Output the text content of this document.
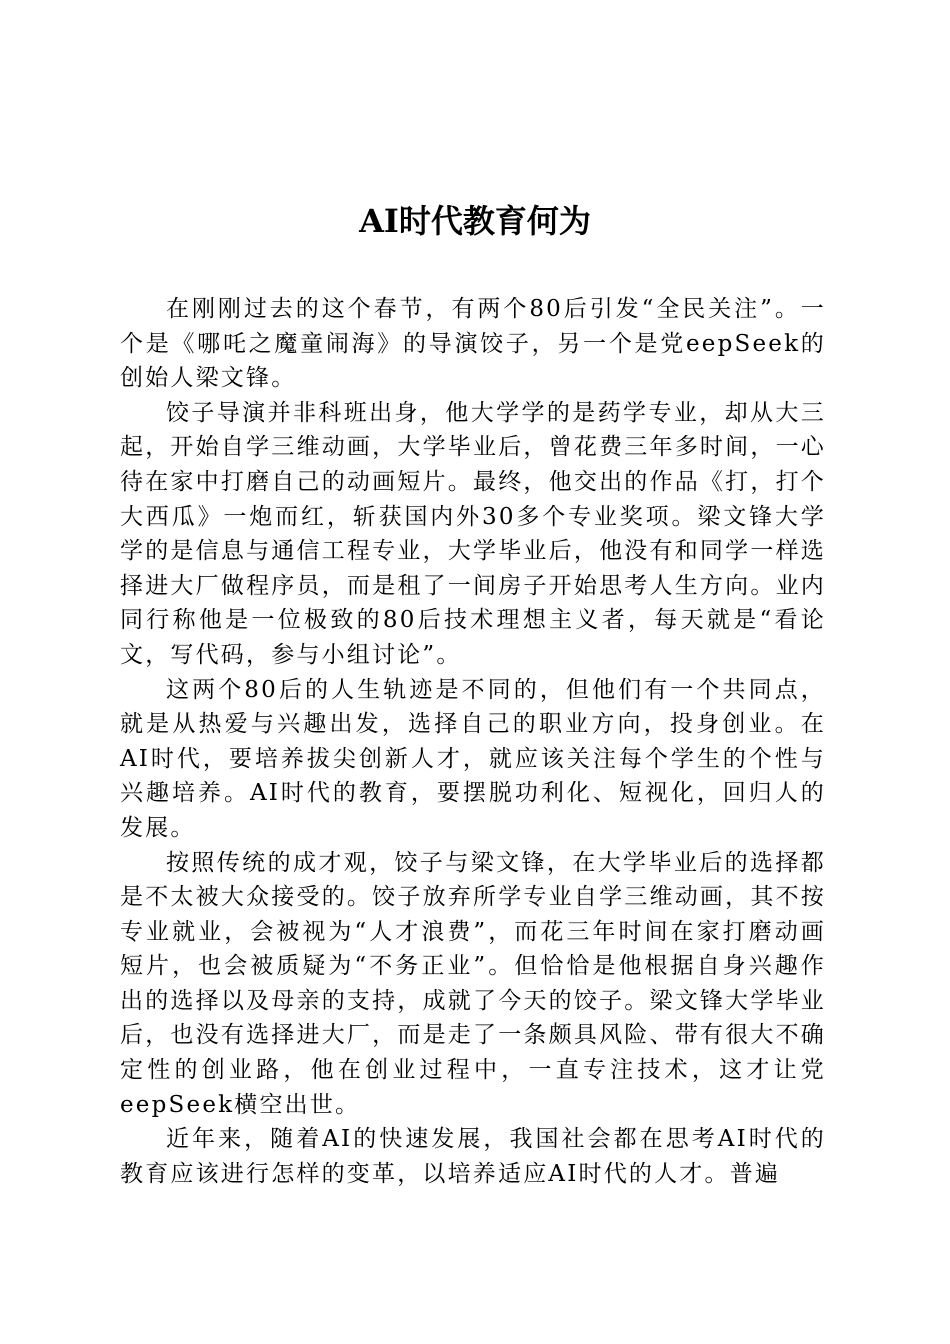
AI时代教育何为

在刚刚过去的这个春节，有两个80后引发“全民关注”。一个是《哪吒之魔童闹海》的导演饺子，另一个是党eepSeek的创始人梁文锋。

饺子导演并非科班出身，他大学学的是药学专业，却从大三起，开始自学三维动画，大学毕业后，曾花费三年多时间，一心待在家中打磨自己的动画短片。最终，他交出的作品《打，打个大西瓜》一炮而红，斩获国内外30多个专业奖项。梁文锋大学学的是信息与通信工程专业，大学毕业后，他没有和同学一样选择进大厂做程序员，而是租了一间房子开始思考人生方向。业内同行称他是一位极致的80后技术理想主义者，每天就是“看论文，写代码，参与小组讨论”。

这两个80后的人生轨迹是不同的，但他们有一个共同点，就是从热爱与兴趣出发，选择自己的职业方向，投身创业。在AI时代，要培养拔尖创新人才，就应该关注每个学生的个性与兴趣培养。AI时代的教育，要摆脱功利化、短视化，回归人的发展。

按照传统的成才观，饺子与梁文锋，在大学毕业后的选择都是不太被大众接受的。饺子放弃所学专业自学三维动画，其不按专业就业，会被视为“人才浪费”，而花三年时间在家打磨动画短片，也会被质疑为“不务正业”。但恰恰是他根据自身兴趣作出的选择以及母亲的支持，成就了今天的饺子。梁文锋大学毕业后，也没有选择进大厂，而是走了一条颇具风险、带有很大不确定性的创业路，他在创业过程中，一直专注技术，这才让党eepSeek横空出世。

近年来，随着AI的快速发展，我国社会都在思考AI时代的教育应该进行怎样的变革，以培养适应AI时代的人才。普遍
